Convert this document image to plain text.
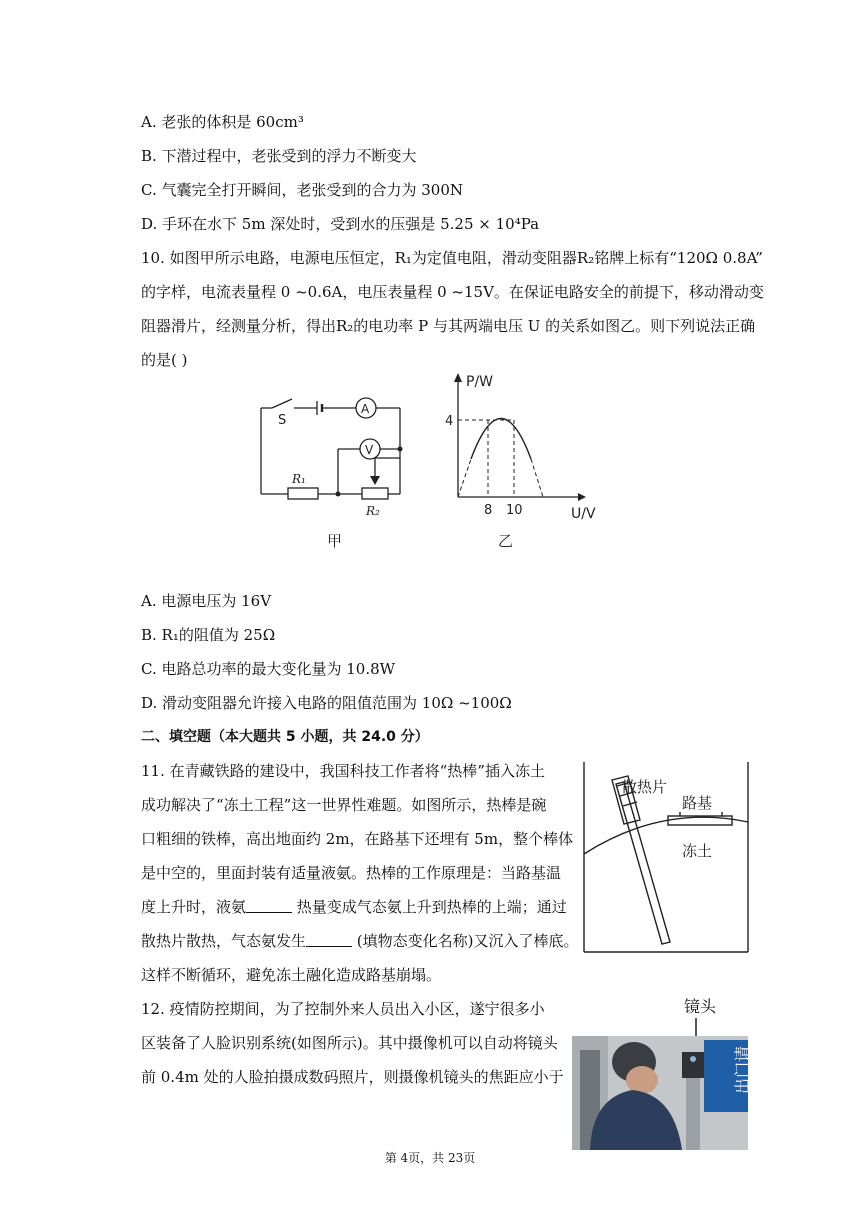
A. 老张的体积是 60cm³
B. 下潜过程中，老张受到的浮力不断变大
C. 气囊完全打开瞬间，老张受到的合力为 300N
D. 手环在水下 5m 深处时，受到水的压强是 5.25 × 10⁴Pa
10. 如图甲所示电路，电源电压恒定，R₁为定值电阻，滑动变阻器R₂铭牌上标有“120Ω 0.8A”
的字样，电流表量程 0 ~0.6A，电压表量程 0 ~15V。在保证电路安全的前提下，移动滑动变
阻器滑片，经测量分析，得出R₂的电功率 P 与其两端电压 U 的关系如图乙。则下列说法正确
的是( )
S
A
V
R₁
R₂
甲
P/W
U/V
4
8 10
乙
A. 电源电压为 16V
B. R₁的阻值为 25Ω
C. 电路总功率的最大变化量为 10.8W
D. 滑动变阻器允许接入电路的阻值范围为 10Ω ~100Ω
二、填空题（本大题共 5 小题，共 24.0 分）
11. 在青藏铁路的建设中，我国科技工作者将“热棒”插入冻土
成功解决了“冻土工程”这一世界性难题。如图所示，热棒是碗
口粗细的铁棒，高出地面约 2m，在路基下还埋有 5m，整个棒体
是中空的，里面封装有适量液氨。热棒的工作原理是：当路基温
度上升时，液氨	热量变成气态氨上升到热棒的上端；通过
散热片散热，气态氨发生	(填物态变化名称)又沉入了棒底。
这样不断循环，避免冻土融化造成路基崩塌。
散热片
路基
冻土
12. 疫情防控期间，为了控制外来人员出入小区，遂宁很多小
区装备了人脸识别系统(如图所示)。其中摄像机可以自动将镜头
前 0.4m 处的人脸拍摄成数码照片，则摄像机镜头的焦距应小于
镜头
出门请
第 4页，共 23页
